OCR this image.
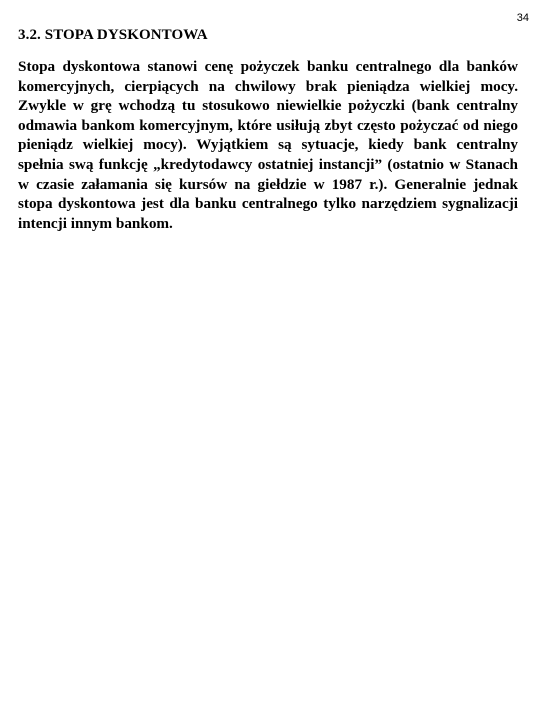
34
3.2. STOPA DYSKONTOWA

Stopa dyskontowa stanowi cenę pożyczek banku centralnego dla banków komercyjnych, cierpiących na chwilowy brak pieniądza wielkiej mocy. Zwykle w grę wchodzą tu stosukowo niewielkie pożyczki (bank centralny odmawia bankom komercyjnym, które usiłują zbyt często pożyczać od niego pieniądz wielkiej mocy). Wyjątkiem są sytuacje, kiedy bank centralny spełnia swą funkcję „kredytodawcy ostatniej instancji” (ostatnio w Stanach w czasie załamania się kursów na giełdzie w 1987 r.). Generalnie jednak stopa dyskontowa jest dla banku centralnego tylko narzędziem sygnalizacji intencji innym bankom.
